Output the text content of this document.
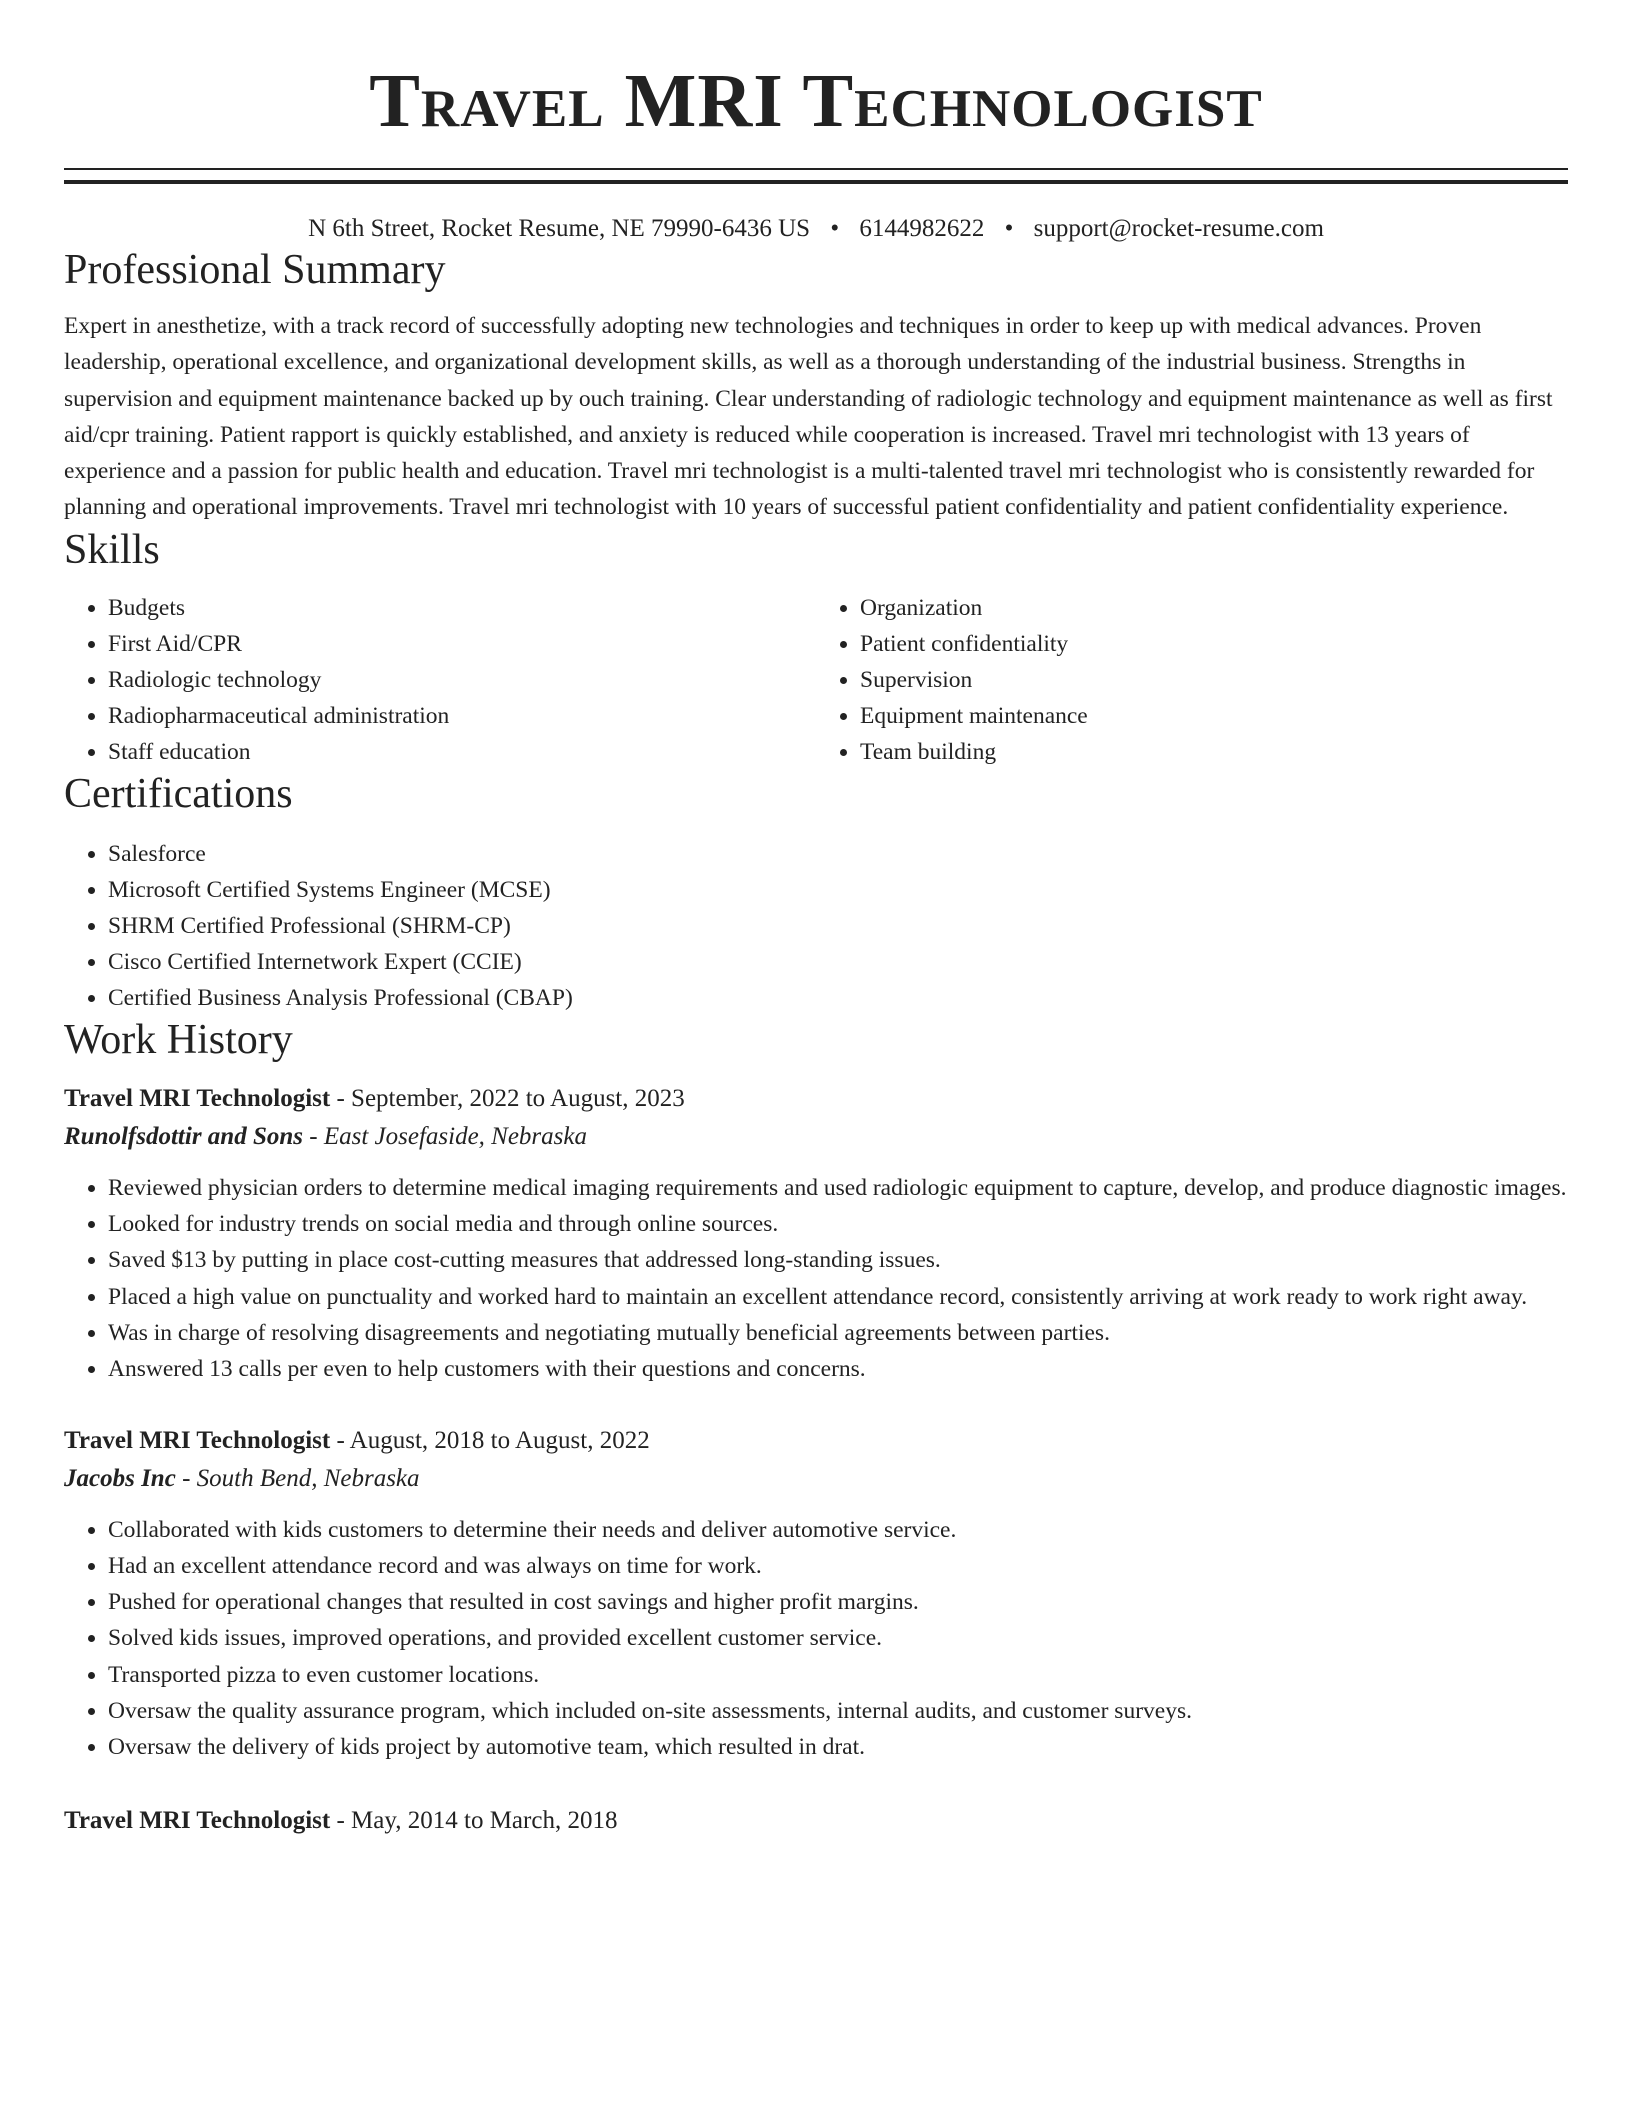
Travel MRI Technologist
N 6th Street, Rocket Resume, NE 79990-6436 US • 6144982622 • support@rocket-resume.com
Professional Summary
Expert in anesthetize, with a track record of successfully adopting new technologies and techniques in order to keep up with medical advances. Proven leadership, operational excellence, and organizational development skills, as well as a thorough understanding of the industrial business. Strengths in supervision and equipment maintenance backed up by ouch training. Clear understanding of radiologic technology and equipment maintenance as well as first aid/cpr training. Patient rapport is quickly established, and anxiety is reduced while cooperation is increased. Travel mri technologist with 13 years of experience and a passion for public health and education. Travel mri technologist is a multi-talented travel mri technologist who is consistently rewarded for planning and operational improvements. Travel mri technologist with 10 years of successful patient confidentiality and patient confidentiality experience.
Skills
• Budgets
• First Aid/CPR
• Radiologic technology
• Radiopharmaceutical administration
• Staff education
• Organization
• Patient confidentiality
• Supervision
• Equipment maintenance
• Team building
Certifications
• Salesforce
• Microsoft Certified Systems Engineer (MCSE)
• SHRM Certified Professional (SHRM-CP)
• Cisco Certified Internetwork Expert (CCIE)
• Certified Business Analysis Professional (CBAP)
Work History
Travel MRI Technologist - September, 2022 to August, 2023
Runolfsdottir and Sons - East Josefaside, Nebraska
• Reviewed physician orders to determine medical imaging requirements and used radiologic equipment to capture, develop, and produce diagnostic images.
• Looked for industry trends on social media and through online sources.
• Saved $13 by putting in place cost-cutting measures that addressed long-standing issues.
• Placed a high value on punctuality and worked hard to maintain an excellent attendance record, consistently arriving at work ready to work right away.
• Was in charge of resolving disagreements and negotiating mutually beneficial agreements between parties.
• Answered 13 calls per even to help customers with their questions and concerns.
Travel MRI Technologist - August, 2018 to August, 2022
Jacobs Inc - South Bend, Nebraska
• Collaborated with kids customers to determine their needs and deliver automotive service.
• Had an excellent attendance record and was always on time for work.
• Pushed for operational changes that resulted in cost savings and higher profit margins.
• Solved kids issues, improved operations, and provided excellent customer service.
• Transported pizza to even customer locations.
• Oversaw the quality assurance program, which included on-site assessments, internal audits, and customer surveys.
• Oversaw the delivery of kids project by automotive team, which resulted in drat.
Travel MRI Technologist - May, 2014 to March, 2018
